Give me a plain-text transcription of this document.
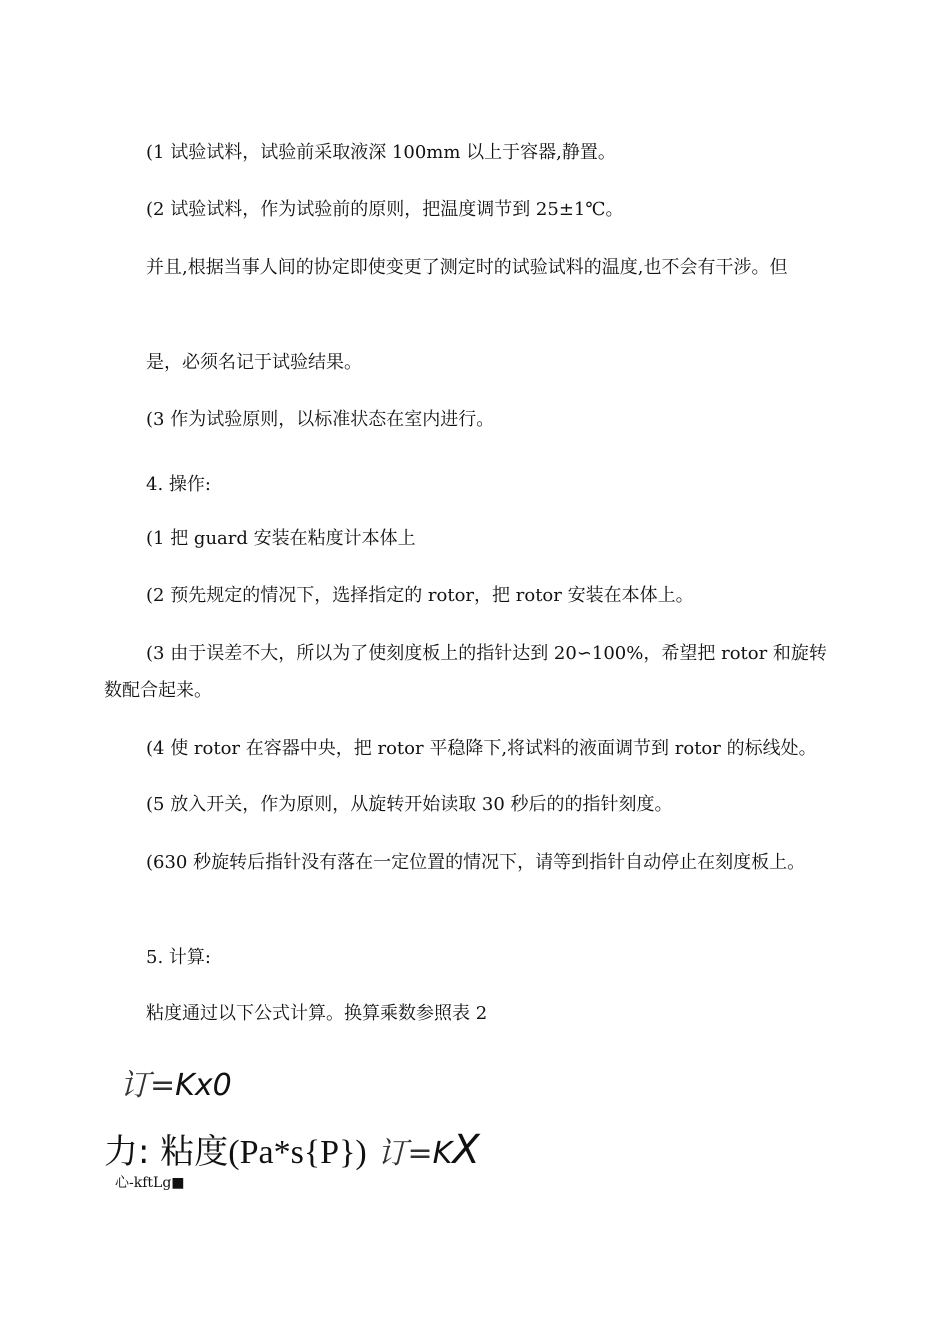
(1 试验试料，试验前采取液深 100mm 以上于容器,静置。

(2 试验试料，作为试验前的原则，把温度调节到 25±1℃。

并且,根据当事人间的协定即使变更了测定时的试验试料的温度,也不会有干涉。但

是，必须名记于试验结果。

(3 作为试验原则，以标准状态在室内进行。

4. 操作:

(1 把 guard 安装在粘度计本体上

(2 预先规定的情况下，选择指定的 rotor，把 rotor 安装在本体上。

(3 由于误差不大，所以为了使刻度板上的指针达到 20∽100%，希望把 rotor 和旋转数配合起来。

(4 使 rotor 在容器中央，把 rotor 平稳降下,将试料的液面调节到 rotor 的标线处。

(5 放入开关，作为原则，从旋转开始读取 30 秒后的的指针刻度。

(630 秒旋转后指针没有落在一定位置的情况下，请等到指针自动停止在刻度板上。

5. 计算:

粘度通过以下公式计算。换算乘数参照表 2

订=Kx0
力: 粘度(Pa*s{P}) 订=KX
心-kftLg■
